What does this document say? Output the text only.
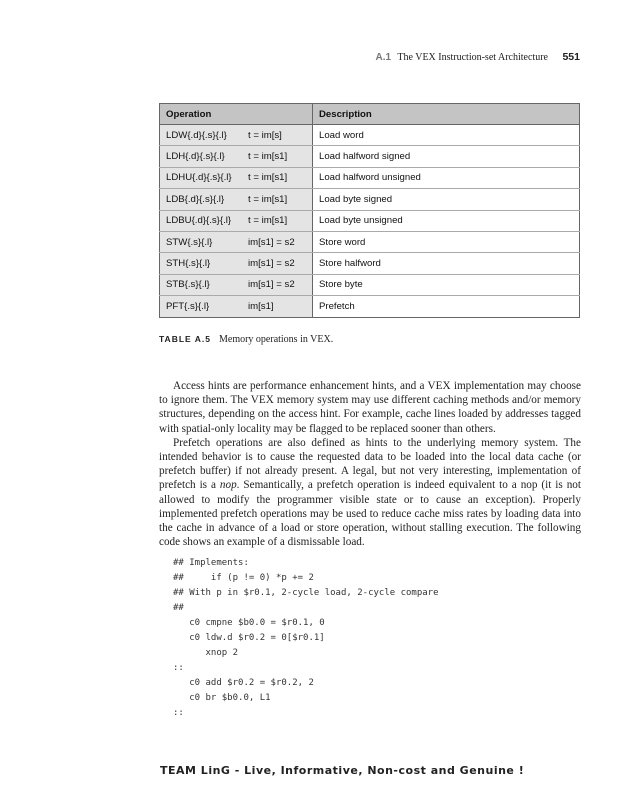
A.1 The VEX Instruction-set Architecture 551
Operation	Description
LDW{.d}{.s}{.l} t = im[s]	Load word
LDH{.d}{.s}{.l} t = im[s1]	Load halfword signed
LDHU{.d}{.s}{.l} t = im[s1]	Load halfword unsigned
LDB{.d}{.s}{.l} t = im[s1]	Load byte signed
LDBU{.d}{.s}{.l} t = im[s1]	Load byte unsigned
STW{.s}{.l} im[s1] = s2	Store word
STH{.s}{.l} im[s1] = s2	Store halfword
STB{.s}{.l} im[s1] = s2	Store byte
PFT{.s}{.l} im[s1]	Prefetch
TABLE A.5 Memory operations in VEX.

Access hints are performance enhancement hints, and a VEX implementation may choose to ignore them. The VEX memory system may use different caching methods and/or memory structures, depending on the access hint. For example, cache lines loaded by addresses tagged with spatial-only locality may be flagged to be replaced sooner than others.

Prefetch operations are also defined as hints to the underlying memory system. The intended behavior is to cause the requested data to be loaded into the local data cache (or prefetch buffer) if not already present. A legal, but not very interesting, implementation of prefetch is a nop. Semantically, a prefetch operation is indeed equivalent to a nop (it is not allowed to modify the programmer visible state or to cause an exception). Properly implemented prefetch operations may be used to reduce cache miss rates by loading data into the cache in advance of a load or store operation, without stalling execution. The following code shows an example of a dismissable load.

## Implements:
##     if (p != 0) *p += 2
## With p in $r0.1, 2-cycle load, 2-cycle compare
##
c0 cmpne $b0.0 = $r0.1, 0
c0 ldw.d $r0.2 = 0[$r0.1]
xnop 2
::
c0 add $r0.2 = $r0.2, 2
c0 br $b0.0, L1
::
TEAM LinG - Live, Informative, Non-cost and Genuine !
